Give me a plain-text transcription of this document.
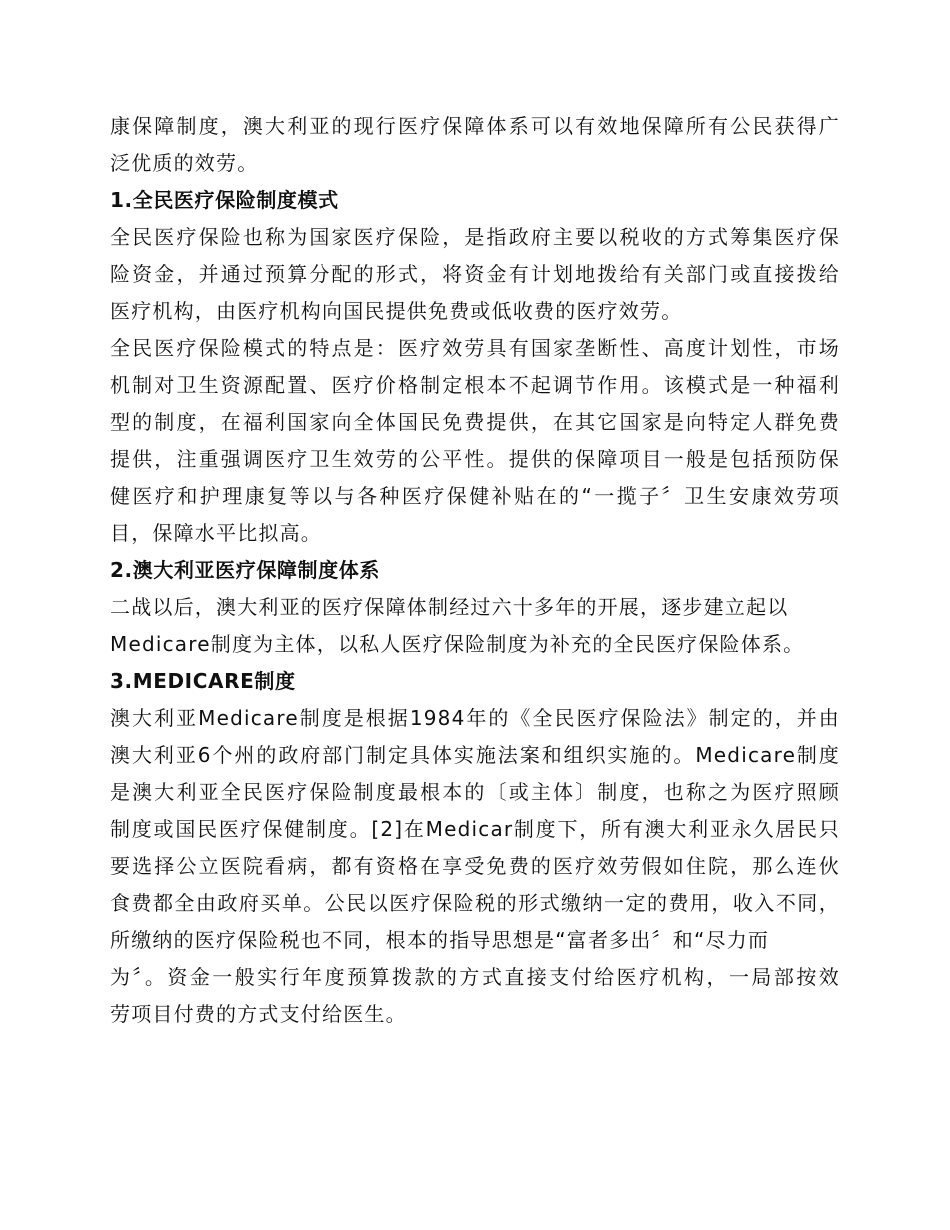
康保障制度，澳大利亚的现行医疗保障体系可以有效地保障所有公民获得广
泛优质的效劳。
1.全民医疗保险制度模式
全民医疗保险也称为国家医疗保险，是指政府主要以税收的方式筹集医疗保
险资金，并通过预算分配的形式，将资金有计划地拨给有关部门或直接拨给
医疗机构，由医疗机构向国民提供免费或低收费的医疗效劳。
全民医疗保险模式的特点是：医疗效劳具有国家垄断性、高度计划性，市场
机制对卫生资源配置、医疗价格制定根本不起调节作用。该模式是一种福利
型的制度，在福利国家向全体国民免费提供，在其它国家是向特定人群免费
提供，注重强调医疗卫生效劳的公平性。提供的保障项目一般是包括预防保
健医疗和护理康复等以与各种医疗保健补贴在的“一揽子〞卫生安康效劳项
目，保障水平比拟高。
2.澳大利亚医疗保障制度体系
二战以后，澳大利亚的医疗保障体制经过六十多年的开展，逐步建立起以
Medicare制度为主体，以私人医疗保险制度为补充的全民医疗保险体系。
3.MEDICARE制度
澳大利亚Medicare制度是根据1984年的《全民医疗保险法》制定的，并由
澳大利亚6个州的政府部门制定具体实施法案和组织实施的。Medicare制度
是澳大利亚全民医疗保险制度最根本的〔或主体〕制度，也称之为医疗照顾
制度或国民医疗保健制度。[2]在Medicar制度下，所有澳大利亚永久居民只
要选择公立医院看病，都有资格在享受免费的医疗效劳假如住院，那么连伙
食费都全由政府买单。公民以医疗保险税的形式缴纳一定的费用，收入不同，
所缴纳的医疗保险税也不同，根本的指导思想是“富者多出〞和“尽力而
为〞。资金一般实行年度预算拨款的方式直接支付给医疗机构，一局部按效
劳项目付费的方式支付给医生。
